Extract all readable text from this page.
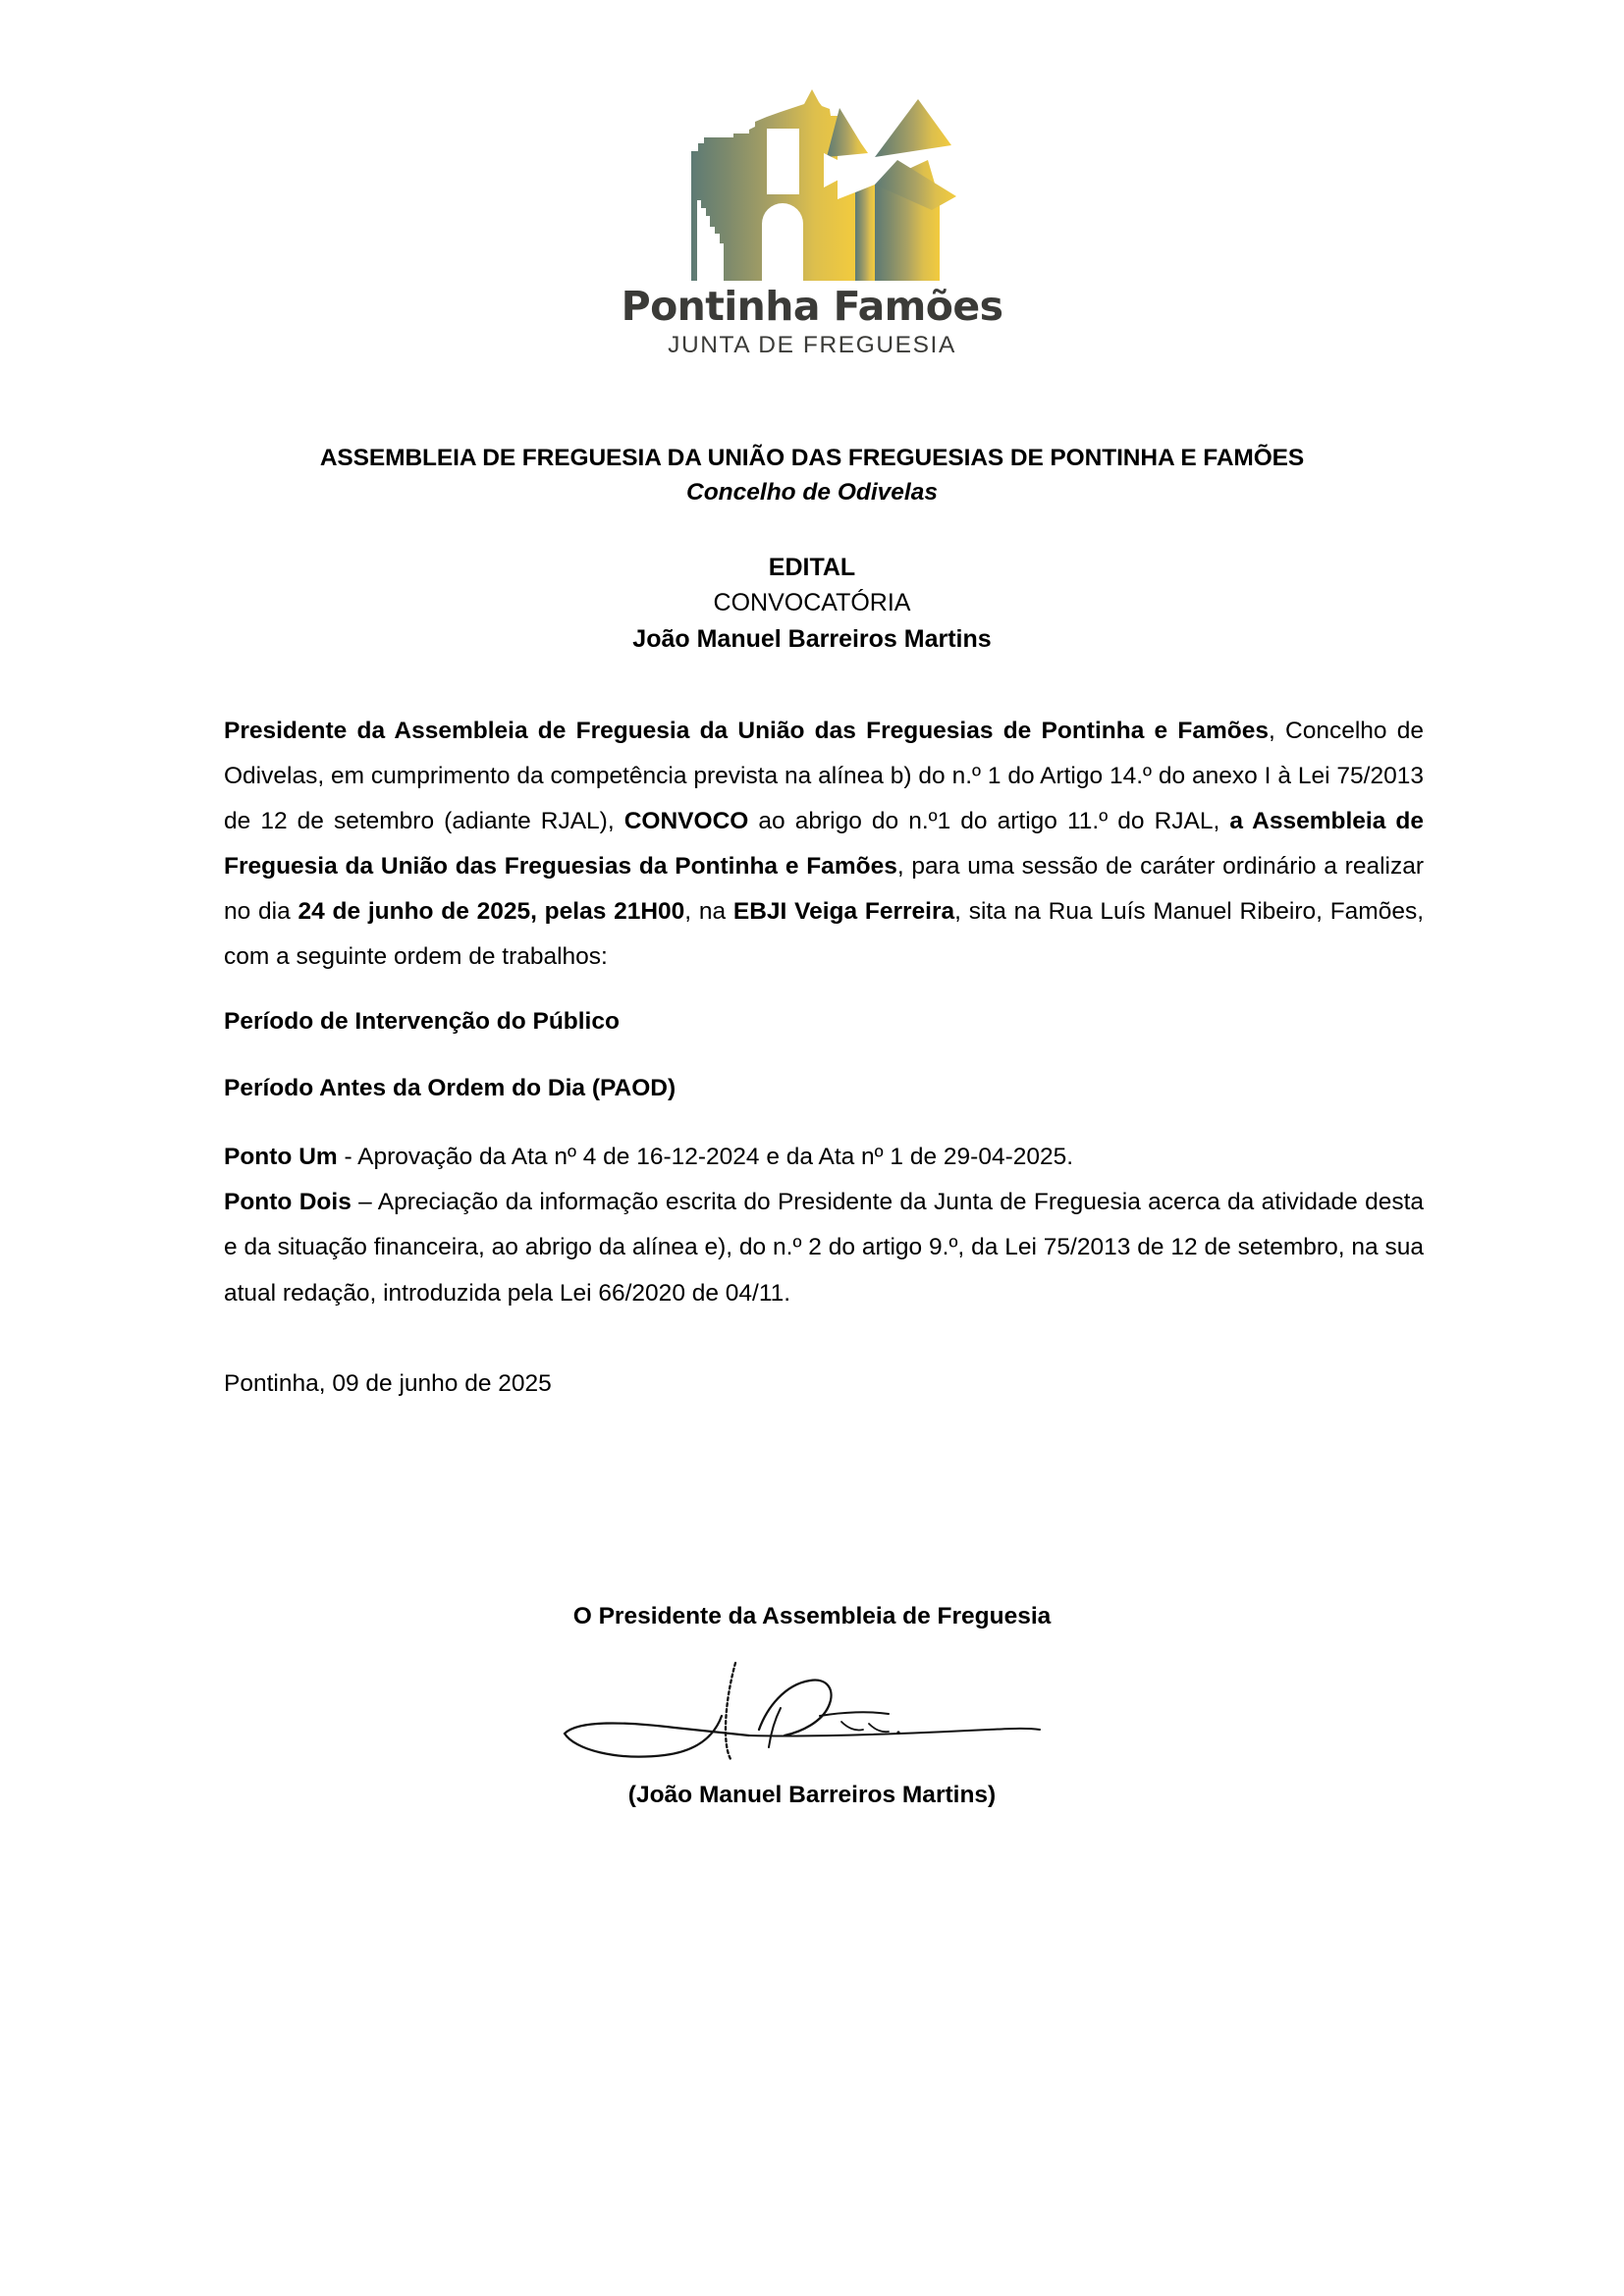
Pontinha Famões
JUNTA DE FREGUESIA
ASSEMBLEIA DE FREGUESIA DA UNIÃO DAS FREGUESIAS DE PONTINHA E FAMÕES
Concelho de Odivelas
EDITAL
CONVOCATÓRIA
João Manuel Barreiros Martins

Presidente da Assembleia de Freguesia da União das Freguesias de Pontinha e Famões, Concelho de Odivelas, em cumprimento da competência prevista na alínea b) do n.º 1 do Artigo 14.º do anexo I à Lei 75/2013 de 12 de setembro (adiante RJAL), CONVOCO ao abrigo do n.º1 do artigo 11.º do RJAL, a Assembleia de Freguesia da União das Freguesias da Pontinha e Famões, para uma sessão de caráter ordinário a realizar no dia 24 de junho de 2025, pelas 21H00, na EBJI Veiga Ferreira, sita na Rua Luís Manuel Ribeiro, Famões, com a seguinte ordem de trabalhos:

Período de Intervenção do Público
Período Antes da Ordem do Dia (PAOD)

Ponto Um - Aprovação da Ata nº 4 de 16-12-2024 e da Ata nº 1 de 29-04-2025.

Ponto Dois – Apreciação da informação escrita do Presidente da Junta de Freguesia acerca da atividade desta e da situação financeira, ao abrigo da alínea e), do n.º 2 do artigo 9.º, da Lei 75/2013 de 12 de setembro, na sua atual redação, introduzida pela Lei 66/2020 de 04/11.

Pontinha, 09 de junho de 2025
O Presidente da Assembleia de Freguesia
(João Manuel Barreiros Martins)
